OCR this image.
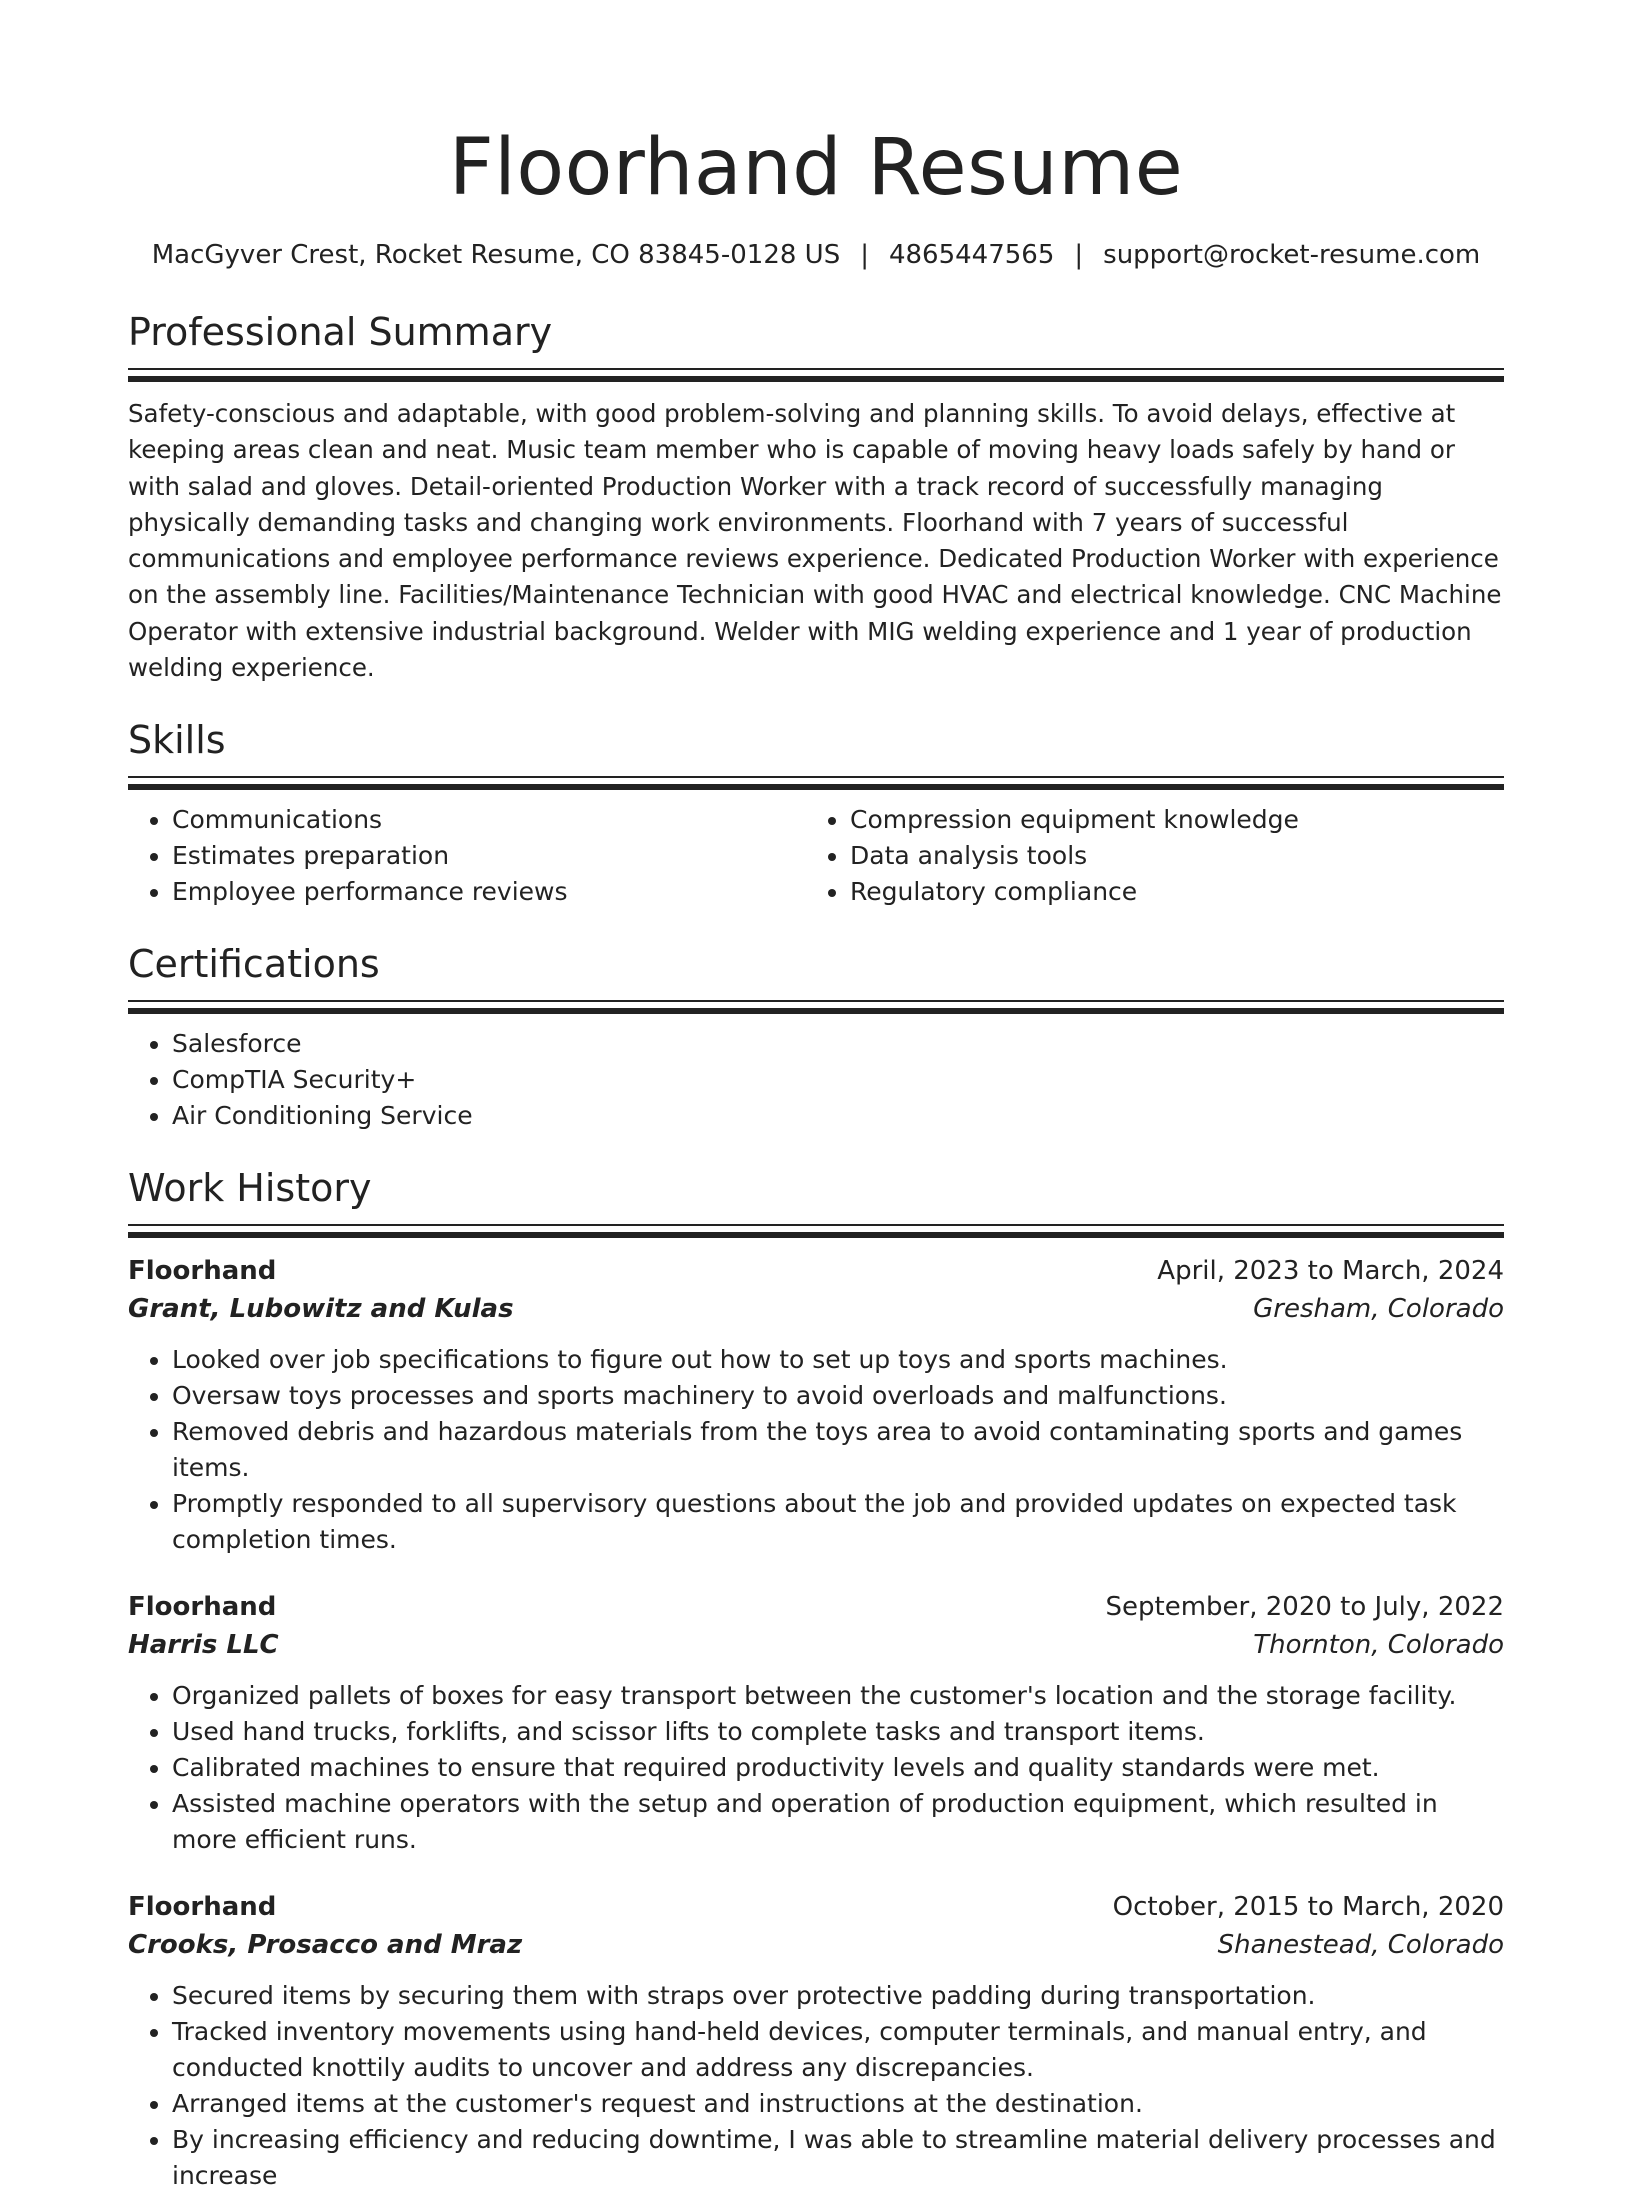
Floorhand Resume
MacGyver Crest, Rocket Resume, CO 83845-0128 US | 4865447565 | support@rocket-resume.com
Professional Summary

Safety-conscious and adaptable, with good problem-solving and planning skills. To avoid delays, effective at keeping areas clean and neat. Music team member who is capable of moving heavy loads safely by hand or with salad and gloves. Detail-oriented Production Worker with a track record of successfully managing physically demanding tasks and changing work environments. Floorhand with 7 years of successful communications and employee performance reviews experience. Dedicated Production Worker with experience on the assembly line. Facilities/Maintenance Technician with good HVAC and electrical knowledge. CNC Machine Operator with extensive industrial background. Welder with MIG welding experience and 1 year of production welding experience.

Skills
• Communications
• Estimates preparation
• Employee performance reviews
• Compression equipment knowledge
• Data analysis tools
• Regulatory compliance
Certifications
• Salesforce
• CompTIA Security+
• Air Conditioning Service
Work History
Floorhand	April, 2023 to March, 2024
Grant, Lubowitz and Kulas	Gresham, Colorado
• Looked over job specifications to figure out how to set up toys and sports machines.
• Oversaw toys processes and sports machinery to avoid overloads and malfunctions.
• Removed debris and hazardous materials from the toys area to avoid contaminating sports and games items.
• Promptly responded to all supervisory questions about the job and provided updates on expected task completion times.
Floorhand	September, 2020 to July, 2022
Harris LLC	Thornton, Colorado
• Organized pallets of boxes for easy transport between the customer's location and the storage facility.
• Used hand trucks, forklifts, and scissor lifts to complete tasks and transport items.
• Calibrated machines to ensure that required productivity levels and quality standards were met.
• Assisted machine operators with the setup and operation of production equipment, which resulted in more efficient runs.
Floorhand	October, 2015 to March, 2020
Crooks, Prosacco and Mraz	Shanestead, Colorado
• Secured items by securing them with straps over protective padding during transportation.
• Tracked inventory movements using hand-held devices, computer terminals, and manual entry, and conducted knottily audits to uncover and address any discrepancies.
• Arranged items at the customer's request and instructions at the destination.
• By increasing efficiency and reducing downtime, I was able to streamline material delivery processes and increase
